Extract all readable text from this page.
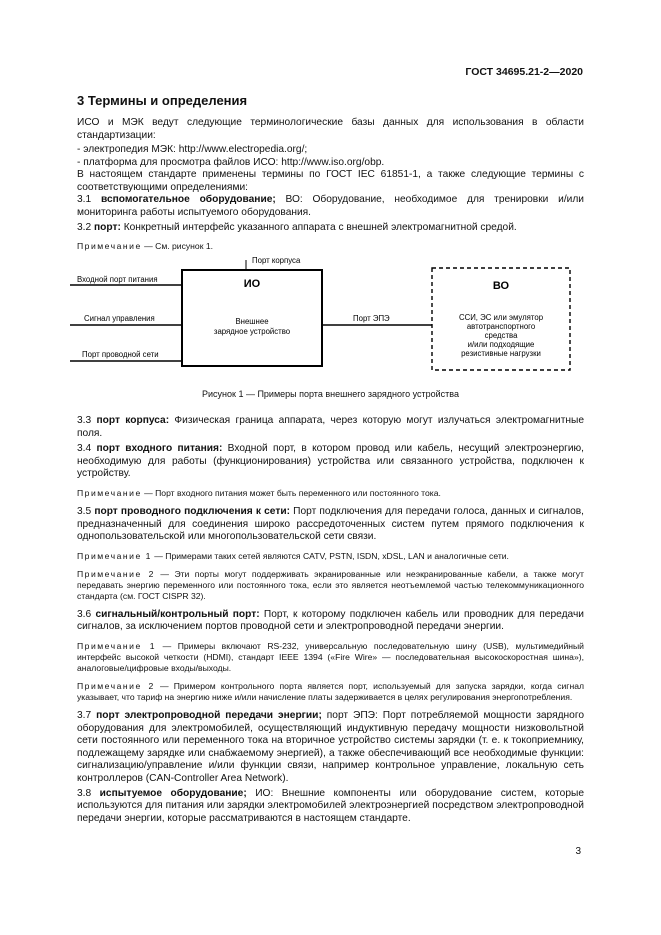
ГОСТ 34695.21-2—2020
3 Термины и определения

ИСО и МЭК ведут следующие терминологические базы данных для использования в области стандартизации:

- электропедия МЭК: http://www.electropedia.org/;

- платформа для просмотра файлов ИСО: http://www.iso.org/obp.

В настоящем стандарте применены термины по ГОСТ IEC 61851-1, а также следующие термины с соответствующими определениями:

3.1 вспомогательное оборудование; ВО: Оборудование, необходимое для тренировки и/или мониторинга работы испытуемого оборудования.

3.2 порт: Конкретный интерфейс указанного аппарата с внешней электромагнитной средой.

Примечание — См. рисунок 1.

Порт корпуса
ИО
Внешнее
зарядное устройство
Входной порт питания
Сигнал управления
Порт проводной сети
Порт ЭПЭ
ВО
ССИ, ЭС или эмулятор
автотранспортного
средства
и/или подходящие
резистивные нагрузки
Рисунок 1 — Примеры порта внешнего зарядного устройства

3.3 порт корпуса: Физическая граница аппарата, через которую могут излучаться электромагнитные поля.

3.4 порт входного питания: Входной порт, в котором провод или кабель, несущий электроэнергию, необходимую для работы (функционирования) устройства или связанного устройства, подключен к устройству.

Примечание — Порт входного питания может быть переменного или постоянного тока.

3.5 порт проводного подключения к сети: Порт подключения для передачи голоса, данных и сигналов, предназначенный для соединения широко рассредоточенных систем путем прямого подключения к однопользовательской или многопользовательской сети связи.

Примечание 1 — Примерами таких сетей являются CATV, PSTN, ISDN, xDSL, LAN и аналогичные сети.

Примечание 2 — Эти порты могут поддерживать экранированные или неэкранированные кабели, а также могут передавать энергию переменного или постоянного тока, если это является неотъемлемой частью телекоммуникационного стандарта (см. ГОСТ CISPR 32).

3.6 сигнальный/контрольный порт: Порт, к которому подключен кабель или проводник для передачи сигналов, за исключением портов проводной сети и электропроводной передачи энергии.

Примечание 1 — Примеры включают RS-232, универсальную последовательную шину (USB), мультимедийный интерфейс высокой четкости (HDMI), стандарт IEEE 1394 («Fire Wire» — последовательная высокоскоростная шина»), аналоговые/цифровые входы/выходы.

Примечание 2 — Примером контрольного порта является порт, используемый для запуска зарядки, когда сигнал указывает, что тариф на энергию ниже и/или начисление платы задерживается в целях регулирования энергопотребления.

3.7 порт электропроводной передачи энергии; порт ЭПЭ: Порт потребляемой мощности зарядного оборудования для электромобилей, осуществляющий индуктивную передачу мощности низковольтной сети постоянного или переменного тока на вторичное устройство системы зарядки (т. е. к токоприемнику, подлежащему зарядке или снабжаемому энергией), а также обеспечивающий все необходимые функции: сигнализацию/управление и/или функции связи, например контрольное управление, локальную сеть контроллеров (CAN-Controller Area Network).

3.8 испытуемое оборудование; ИО: Внешние компоненты или оборудование систем, которые используются для питания или зарядки электромобилей электроэнергией посредством электропроводной передачи энергии, которые рассматриваются в настоящем стандарте.

3
